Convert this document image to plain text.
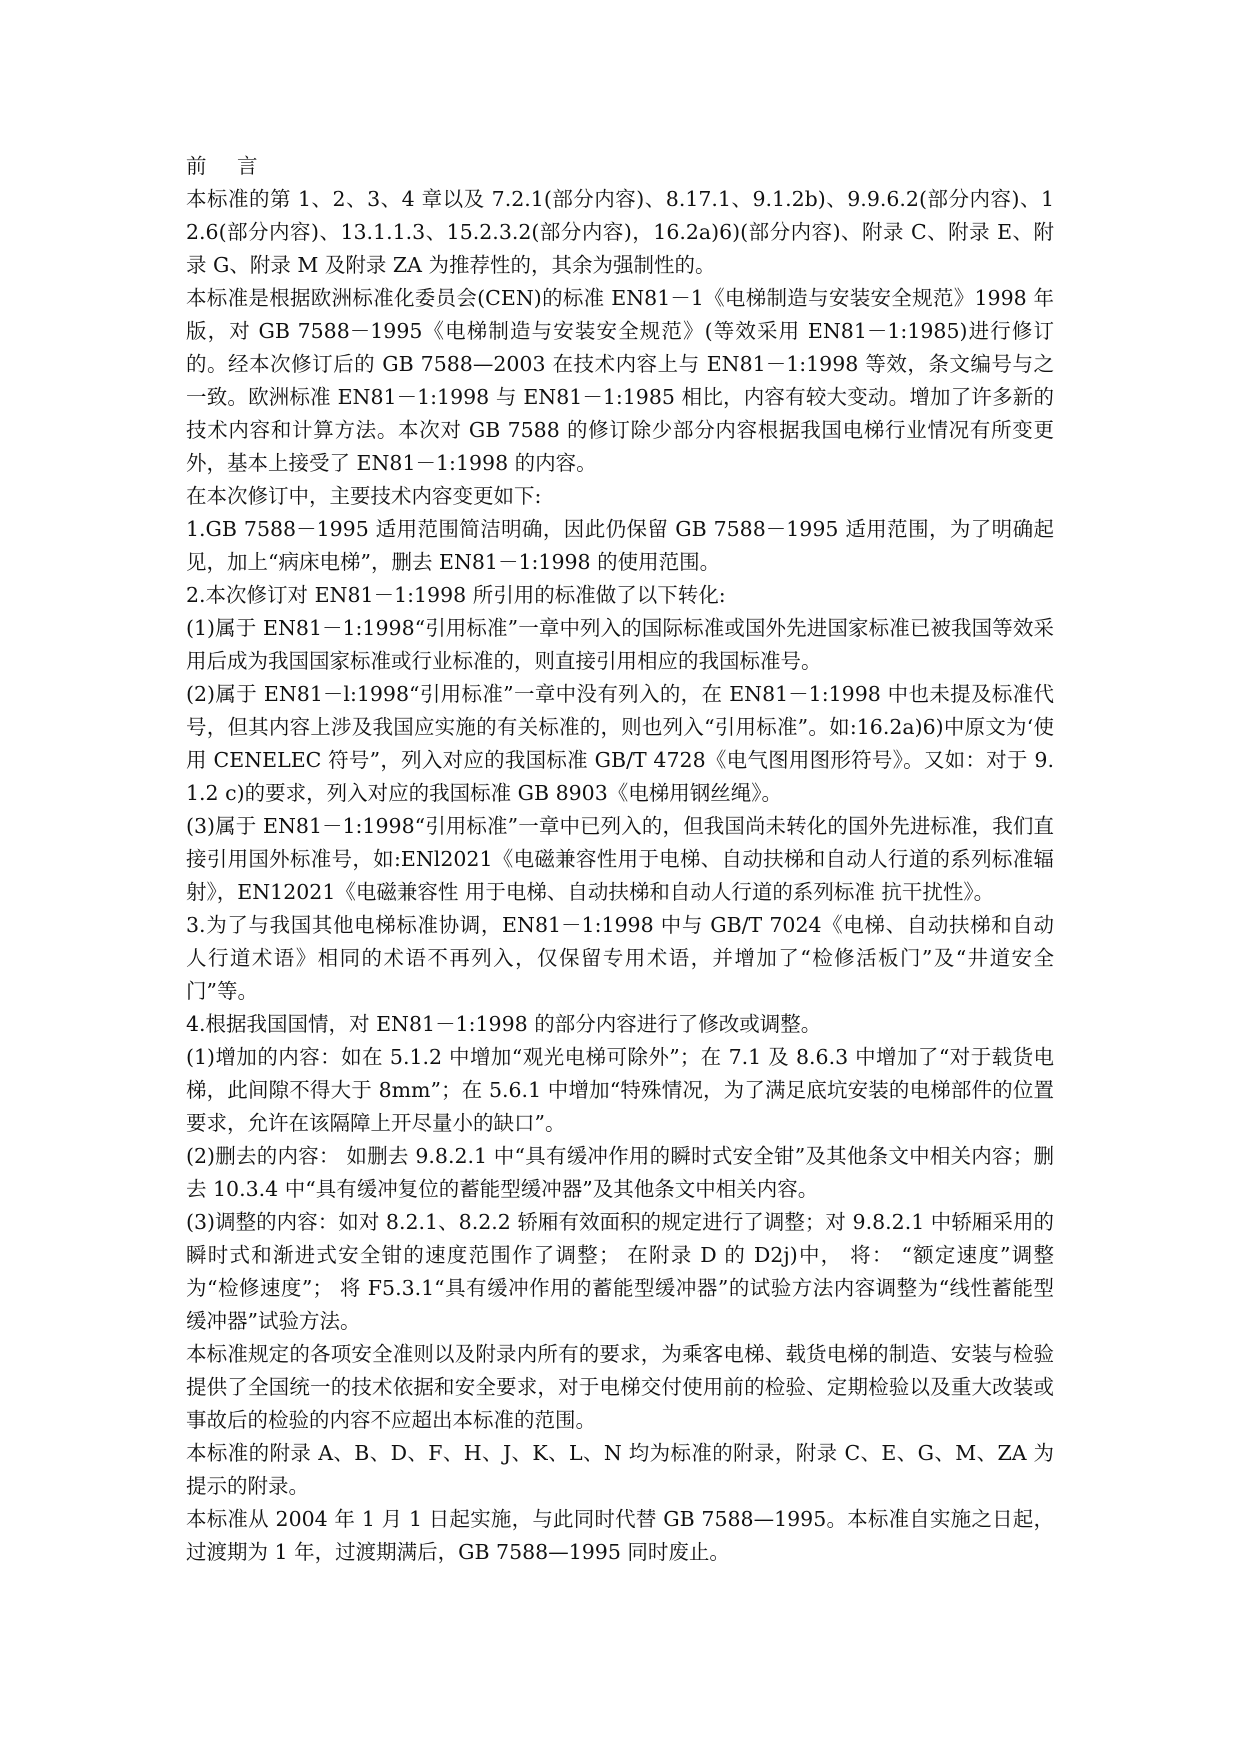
前 言

本标准的第 1、2、3、4 章以及 7.2.1(部分内容)、8.17.1、9.1.2b)、9.9.6.2(部分内容)、12.6(部分内容)、13.1.1.3、15.2.3.2(部分内容)，16.2a)6)(部分内容)、附录 C、附录 E、附录 G、附录 M 及附录 ZA 为推荐性的，其余为强制性的。

本标准是根据欧洲标准化委员会(CEN)的标准 EN81－1《电梯制造与安装安全规范》1998 年版，对 GB 7588－1995《电梯制造与安装安全规范》(等效采用 EN81－1:1985)进行修订的。经本次修订后的 GB 7588—2003 在技术内容上与 EN81－1:1998 等效，条文编号与之一致。欧洲标准 EN81－1:1998 与 EN81－1:1985 相比，内容有较大变动。增加了许多新的技术内容和计算方法。本次对 GB 7588 的修订除少部分内容根据我国电梯行业情况有所变更外，基本上接受了 EN81－1:1998 的内容。

在本次修订中，主要技术内容变更如下:

1.GB 7588－1995 适用范围简洁明确，因此仍保留 GB 7588－1995 适用范围，为了明确起见，加上“病床电梯”，删去 EN81－1:1998 的使用范围。

2.本次修订对 EN81－1:1998 所引用的标准做了以下转化:

(1)属于 EN81－1:1998“引用标准”一章中列入的国际标准或国外先进国家标准已被我国等效采用后成为我国国家标准或行业标准的，则直接引用相应的我国标准号。

(2)属于 EN81－l:1998“引用标准”一章中没有列入的，在 EN81－1:1998 中也未提及标准代号，但其内容上涉及我国应实施的有关标准的，则也列入“引用标准”。如:16.2a)6)中原文为‘使用 CENELEC 符号”，列入对应的我国标准 GB/T 4728《电气图用图形符号》。又如：对于 9.1.2 c)的要求，列入对应的我国标准 GB 8903《电梯用钢丝绳》。

(3)属于 EN81－1:1998“引用标准”一章中已列入的，但我国尚未转化的国外先进标准，我们直接引用国外标准号，如:ENl2021《电磁兼容性用于电梯、自动扶梯和自动人行道的系列标准辐射》，EN12021《电磁兼容性 用于电梯、自动扶梯和自动人行道的系列标准 抗干扰性》。

3.为了与我国其他电梯标准协调，EN81－1:1998 中与 GB/T 7024《电梯、自动扶梯和自动人行道术语》相同的术语不再列入，仅保留专用术语，并增加了“检修活板门”及“井道安全门”等。

4.根据我国国情，对 EN81－1:1998 的部分内容进行了修改或调整。

(1)增加的内容：如在 5.1.2 中增加“观光电梯可除外”；在 7.1 及 8.6.3 中增加了“对于载货电梯，此间隙不得大于 8mm”；在 5.6.1 中增加“特殊情况，为了满足底坑安装的电梯部件的位置要求，允许在该隔障上开尽量小的缺口”。

(2)删去的内容： 如删去 9.8.2.1 中“具有缓冲作用的瞬时式安全钳”及其他条文中相关内容；删去 10.3.4 中“具有缓冲复位的蓄能型缓冲器”及其他条文中相关内容。

(3)调整的内容：如对 8.2.1、8.2.2 轿厢有效面积的规定进行了调整；对 9.8.2.1 中轿厢采用的瞬时式和渐进式安全钳的速度范围作了调整； 在附录 D 的 D2j)中， 将： “额定速度”调整为“检修速度”； 将 F5.3.1“具有缓冲作用的蓄能型缓冲器”的试验方法内容调整为“线性蓄能型缓冲器”试验方法。

本标准规定的各项安全准则以及附录内所有的要求，为乘客电梯、载货电梯的制造、安装与检验提供了全国统一的技术依据和安全要求，对于电梯交付使用前的检验、定期检验以及重大改装或事故后的检验的内容不应超出本标准的范围。

本标准的附录 A、B、D、F、H、J、K、L、N 均为标准的附录，附录 C、E、G、M、ZA 为提示的附录。

本标准从 2004 年 1 月 1 日起实施，与此同时代替 GB 7588—1995。本标准自实施之日起，过渡期为 1 年，过渡期满后，GB 7588—1995 同时废止。
